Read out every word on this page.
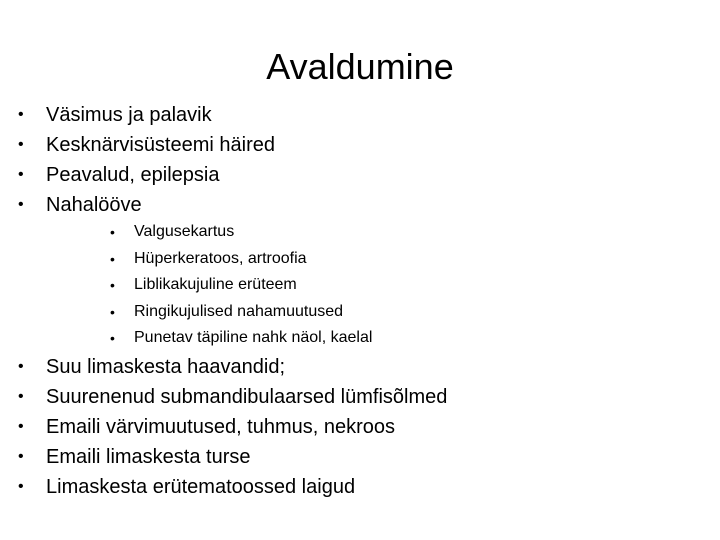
Avaldumine
• Väsimus ja palavik
• Kesknärvisüsteemi häired
• Peavalud, epilepsia
• Nahalööve
• Valgusekartus
• Hüperkeratoos, artroofia
• Liblikakujuline erüteem
• Ringikujulised nahamuutused
• Punetav täpiline nahk näol, kaelal
• Suu limaskesta haavandid;
• Suurenenud submandibulaarsed lümfisõlmed
• Emaili värvimuutused, tuhmus, nekroos
• Emaili limaskesta turse
• Limaskesta erütematoossed laigud
